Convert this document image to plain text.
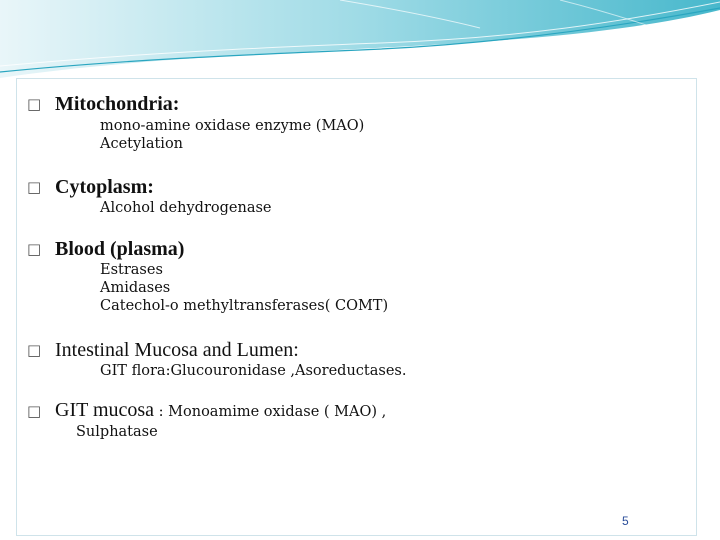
□ Mitochondria:
mono-amine oxidase enzyme (MAO)
Acetylation
□ Cytoplasm:
Alcohol dehydrogenase
□ Blood (plasma)
Estrases
Amidases
Catechol-o methyltransferases( COMT)
□ Intestinal Mucosa and Lumen:
GIT flora:Glucouronidase ,Asoreductases.
□ GIT mucosa : Monoamime oxidase ( MAO) ,
Sulphatase
5
